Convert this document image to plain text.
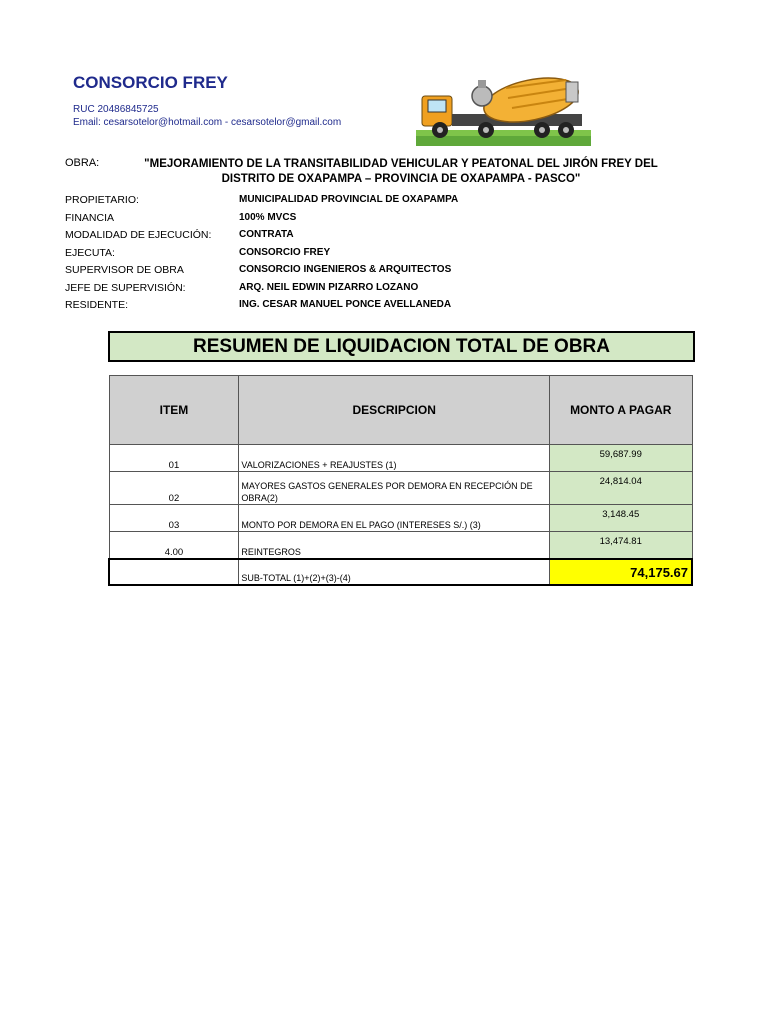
CONSORCIO FREY
RUC 20486845725
Email: cesarsotelor@hotmail.com - cesarsotelor@gmail.com
OBRA:	"MEJORAMIENTO DE LA TRANSITABILIDAD VEHICULAR Y PEATONAL DEL JIRÓN FREY DEL DISTRITO DE OXAPAMPA – PROVINCIA DE OXAPAMPA - PASCO"
PROPIETARIO:	MUNICIPALIDAD PROVINCIAL DE OXAPAMPA
FINANCIA	100% MVCS
MODALIDAD DE EJECUCIÓN:	CONTRATA
EJECUTA:	CONSORCIO FREY
SUPERVISOR DE OBRA	CONSORCIO INGENIEROS & ARQUITECTOS
JEFE DE SUPERVISIÓN:	ARQ. NEIL EDWIN PIZARRO LOZANO
RESIDENTE:	ING. CESAR MANUEL PONCE AVELLANEDA
RESUMEN DE LIQUIDACION TOTAL DE OBRA
ITEM	DESCRIPCION	MONTO A PAGAR
01	VALORIZACIONES + REAJUSTES (1)	59,687.99
02	MAYORES GASTOS GENERALES POR DEMORA EN RECEPCIÓN DE OBRA(2)	24,814.04
03	MONTO POR DEMORA EN EL PAGO (INTERESES S/.) (3)	3,148.45
4.00	REINTEGROS	13,474.81
	SUB-TOTAL (1)+(2)+(3)-(4)	74,175.67
